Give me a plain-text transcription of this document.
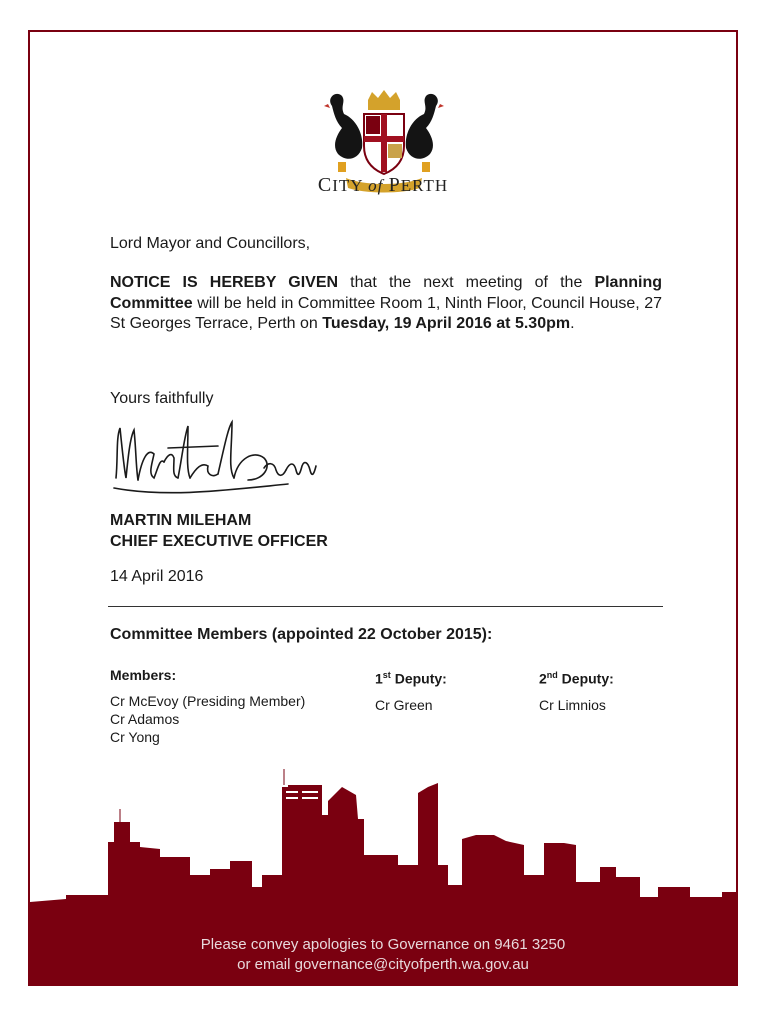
CITY of PERTH
Lord Mayor and Councillors,
NOTICE IS HEREBY GIVEN that the next meeting of the Planning Committee will be held in Committee Room 1, Ninth Floor, Council House, 27 St Georges Terrace, Perth on Tuesday, 19 April 2016 at 5.30pm.
Yours faithfully
MARTIN MILEHAM
CHIEF EXECUTIVE OFFICER
14 April 2016
Committee Members (appointed 22 October 2015):
Members:
Cr McEvoy (Presiding Member)
Cr Adamos
Cr Yong
1st Deputy:
Cr Green
2nd Deputy:
Cr Limnios
Please convey apologies to Governance on 9461 3250
or email governance@cityofperth.wa.gov.au
